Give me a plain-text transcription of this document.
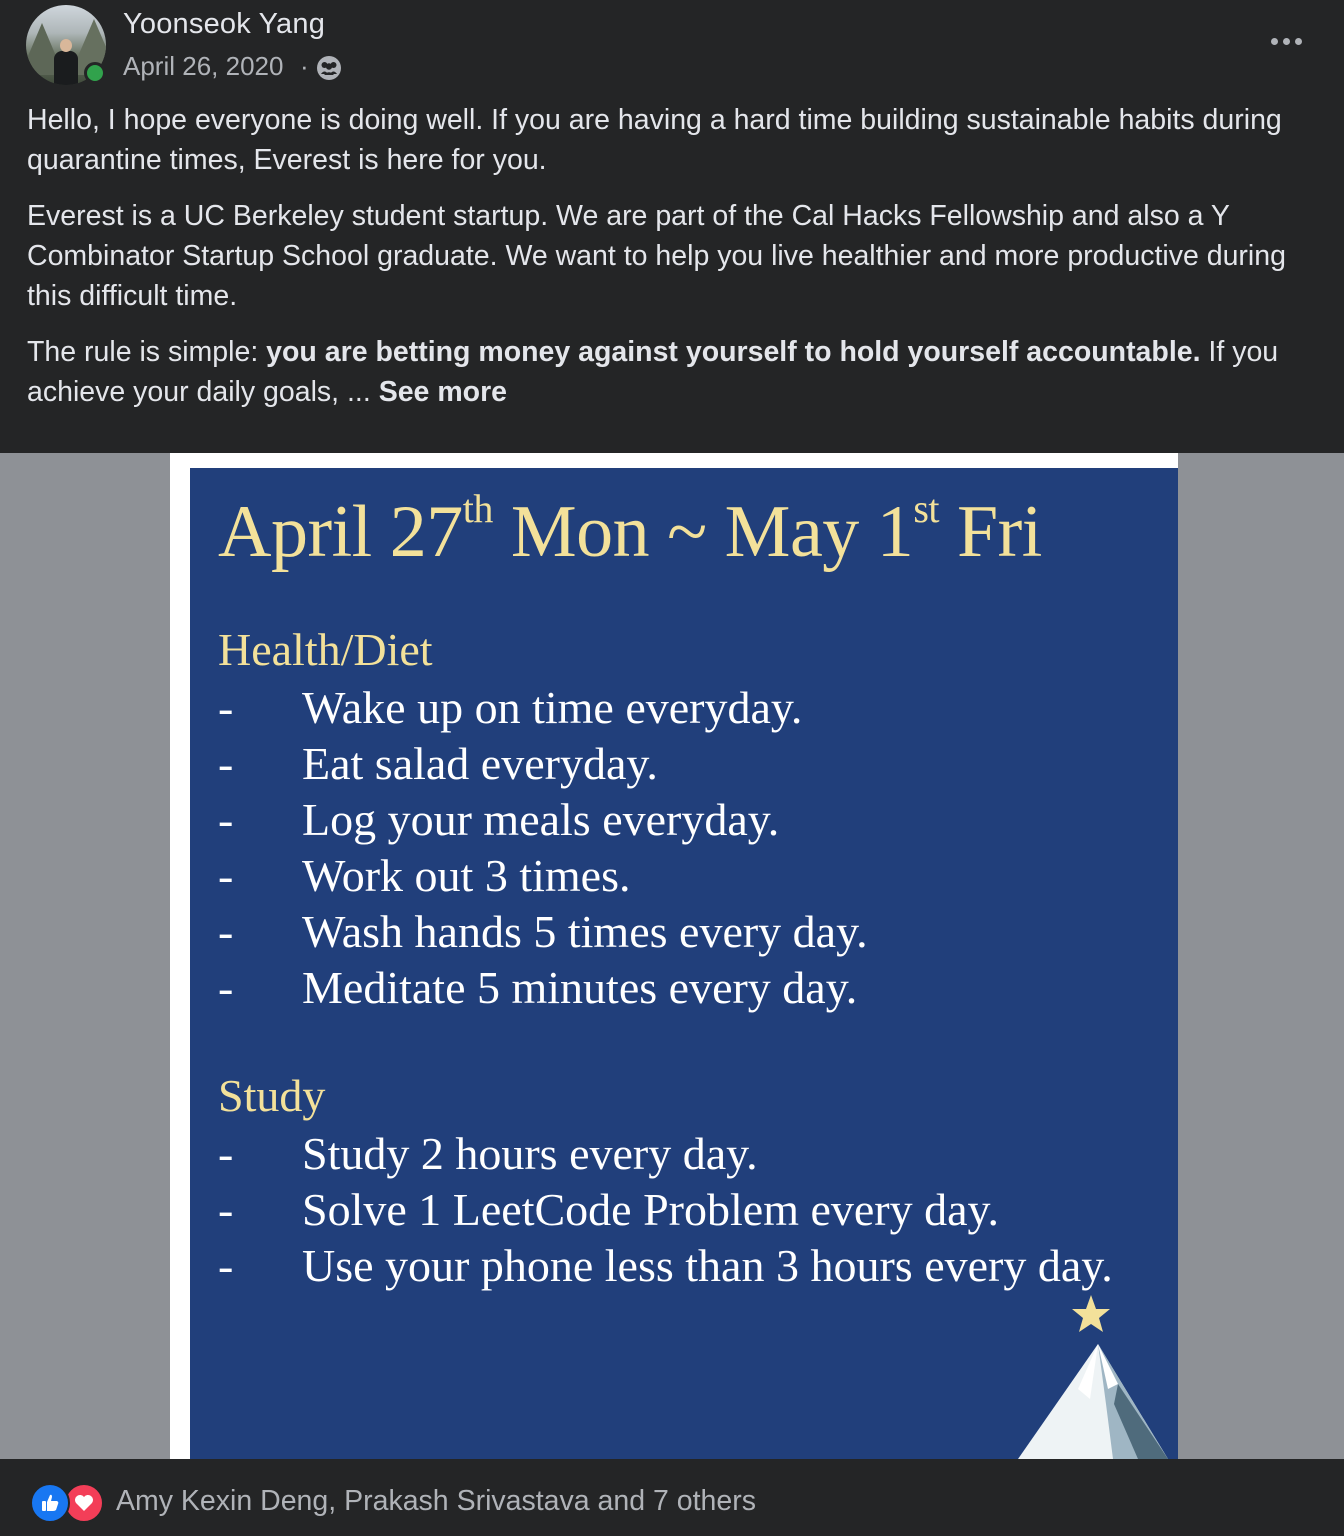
Yoonseok Yang
April 26, 2020 ·

Hello, I hope everyone is doing well. If you are having a hard time building sustainable habits during quarantine times, Everest is here for you.

Everest is a UC Berkeley student startup. We are part of the Cal Hacks Fellowship and also a Y Combinator Startup School graduate. We want to help you live healthier and more productive during this difficult time.

The rule is simple: you are betting money against yourself to hold yourself accountable. If you achieve your daily goals, ... See more

April 27th Mon ~ May 1st Fri
Health/Diet
-	Wake up on time everyday.
-	Eat salad everyday.
-	Log your meals everyday.
-	Work out 3 times.
-	Wash hands 5 times every day.
-	Meditate 5 minutes every day.
Study
-	Study 2 hours every day.
-	Solve 1 LeetCode Problem every day.
-	Use your phone less than 3 hours every day.
Amy Kexin Deng, Prakash Srivastava and 7 others
